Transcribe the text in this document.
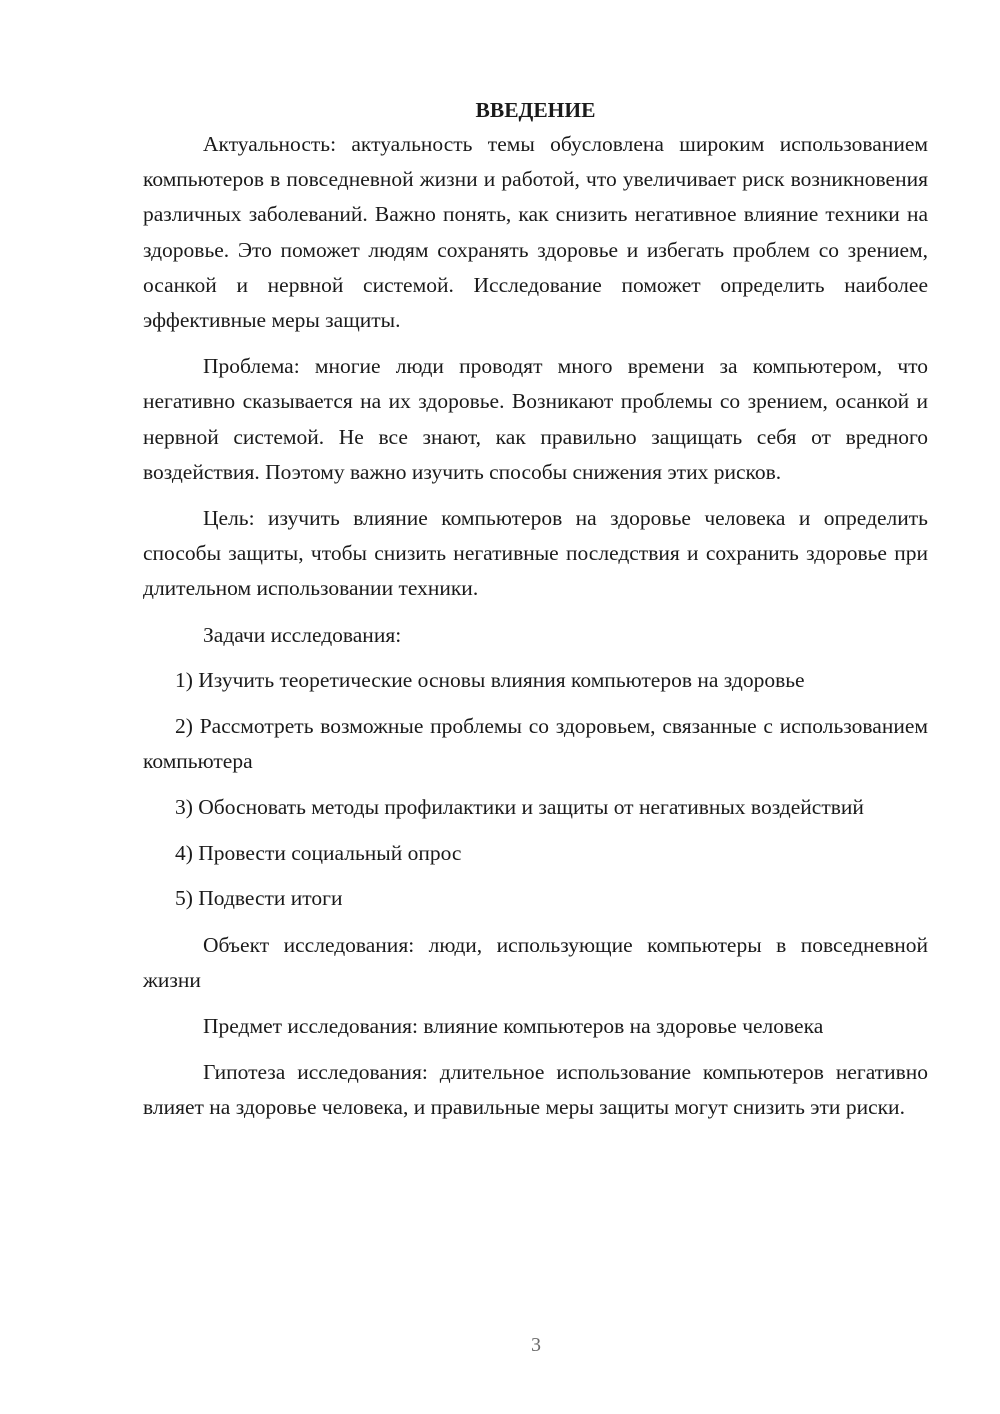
ВВЕДЕНИЕ

Актуальность: актуальность темы обусловлена широким использованием компьютеров в повседневной жизни и работой, что увеличивает риск возникновения различных заболеваний. Важно понять, как снизить негативное влияние техники на здоровье. Это поможет людям сохранять здоровье и избегать проблем со зрением, осанкой и нервной системой. Исследование поможет определить наиболее эффективные меры защиты.

Проблема: многие люди проводят много времени за компьютером, что негативно сказывается на их здоровье. Возникают проблемы со зрением, осанкой и нервной системой. Не все знают, как правильно защищать себя от вредного воздействия. Поэтому важно изучить способы снижения этих рисков.

Цель: изучить влияние компьютеров на здоровье человека и определить способы защиты, чтобы снизить негативные последствия и сохранить здоровье при длительном использовании техники.

Задачи исследования:

1) Изучить теоретические основы влияния компьютеров на здоровье

2) Рассмотреть возможные проблемы со здоровьем, связанные с использованием компьютера

3) Обосновать методы профилактики и защиты от негативных воздействий

4) Провести социальный опрос

5) Подвести итоги

Объект исследования: люди, использующие компьютеры в повседневной жизни

Предмет исследования: влияние компьютеров на здоровье человека

Гипотеза исследования: длительное использование компьютеров негативно влияет на здоровье человека, и правильные меры защиты могут снизить эти риски.

3
